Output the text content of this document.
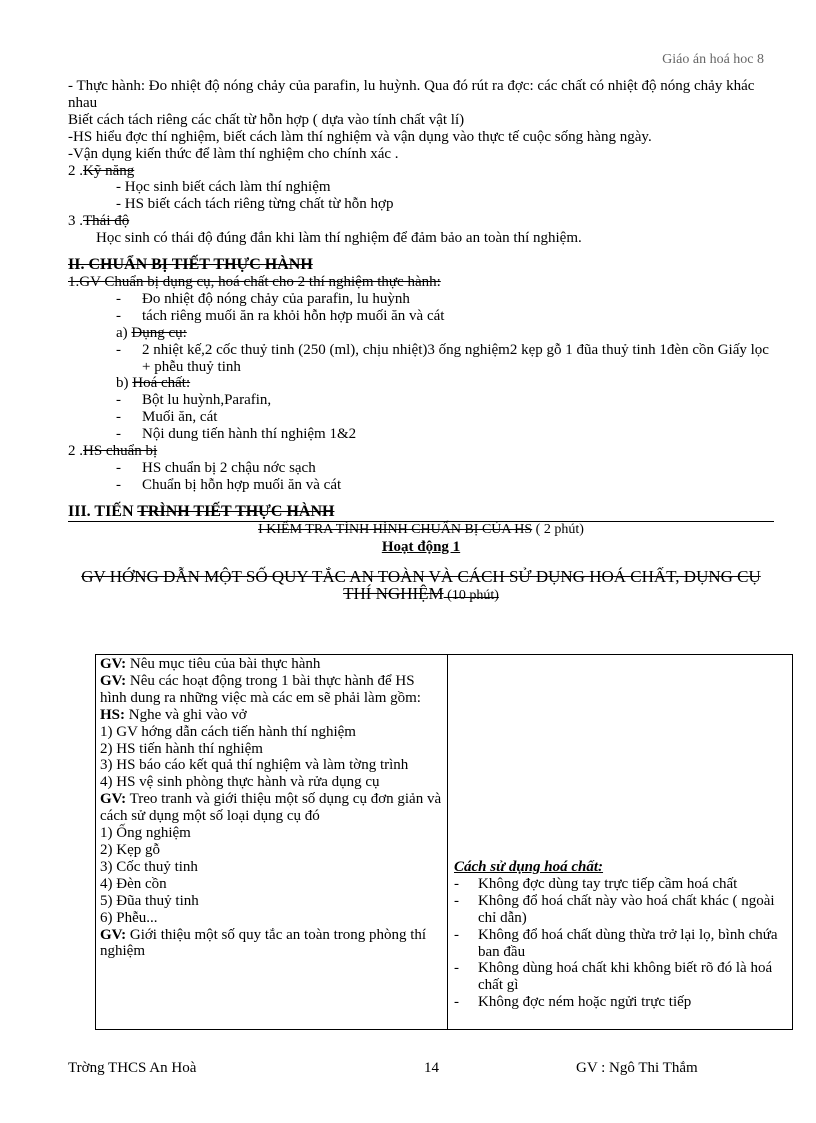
Giáo án hoá hoc 8

- Thực hành: Đo nhiệt độ nóng chảy của parafin, lu huỳnh. Qua đó rút ra đợc: các chất có nhiệt độ nóng chảy khác nhau

Biết cách tách riêng các chất từ hỗn hợp ( dựa vào tính chất vật lí)

-HS hiểu đợc thí nghiệm, biết cách làm thí nghiệm và vận dụng vào thực tế cuộc sống hàng ngày.

-Vận dụng kiến thức để làm thí nghiệm cho chính xác .

2 .Kỹ năng

- Học sinh biết cách làm thí nghiệm

- HS biết cách tách riêng từng chất từ hỗn hợp

3 .Thái độ

Học sinh có thái độ đúng đắn khi làm thí nghiệm để đảm bảo an toàn thí nghiệm.

II. CHUẨN BỊ TIẾT THỰC HÀNH

1.GV Chuẩn bị dụng cụ, hoá chất cho 2 thí nghiệm thực hành:

-	Đo nhiệt độ nóng chảy của parafin, lu huỳnh
-	tách riêng muối ăn ra khỏi hỗn hợp muối ăn và cát

a) Dụng cụ:

-	2 nhiệt kế,2 cốc thuỷ tinh (250 (ml), chịu nhiệt)3 ống nghiệm2 kẹp gỗ 1 đũa thuỷ tinh 1đèn cồn Giấy lọc + phễu thuỷ tinh

b) Hoá chất:

-	Bột lu huỳnh,Parafin,
-	Muối ăn, cát
-	Nội dung tiến hành thí nghiệm 1&2

2 .HS chuẩn bị

-	HS chuẩn bị 2 chậu nớc sạch
-	Chuẩn bị hỗn hợp muối ăn và cát

III. TIẾN TRÌNH TIẾT THỰC HÀNH

I KIỂM TRA TÌNH HÌNH CHUẨN BỊ CỦA HS ( 2 phút)

Hoạt động 1

GV HỚNG DẪN MỘT SỐ QUY TẮC AN TOÀN VÀ CÁCH SỬ DỤNG HOÁ CHẤT, DỤNG CỤ THÍ NGHIỆM (10 phút)

GV: Nêu mục tiêu của bài thực hành

GV: Nêu các hoạt động trong 1 bài thực hành để HS hình dung ra những việc mà các em sẽ phải làm gồm:

HS: Nghe và ghi vào vở

1) GV hớng dẫn cách tiến hành thí nghiệm

2) HS tiến hành thí nghiệm

3) HS báo cáo kết quả thí nghiệm và làm tờng trình

4) HS vệ sinh phòng thực hành và rửa dụng cụ

GV: Treo tranh và giới thiệu một số dụng cụ đơn giản và cách sử dụng một số loại dụng cụ đó

1) Ống nghiệm

2) Kẹp gỗ

3) Cốc thuỷ tinh

4) Đèn cồn

5) Đũa thuỷ tinh

6) Phễu...

GV: Giới thiệu một số quy tắc an toàn trong phòng thí nghiệm

Cách sử dụng hoá chất:

-	Không đợc dùng tay trực tiếp cầm hoá chất
-	Không đổ hoá chất này vào hoá chất khác ( ngoài chỉ dẫn)
-	Không đổ hoá chất dùng thừa trở lại lọ, bình chứa ban đầu
-	Không dùng hoá chất khi không biết rõ đó là hoá chất gì
-	Không đợc ném hoặc ngửi trực tiếp
Trờng THCS An Hoà	14	GV : Ngô Thi Thắm
